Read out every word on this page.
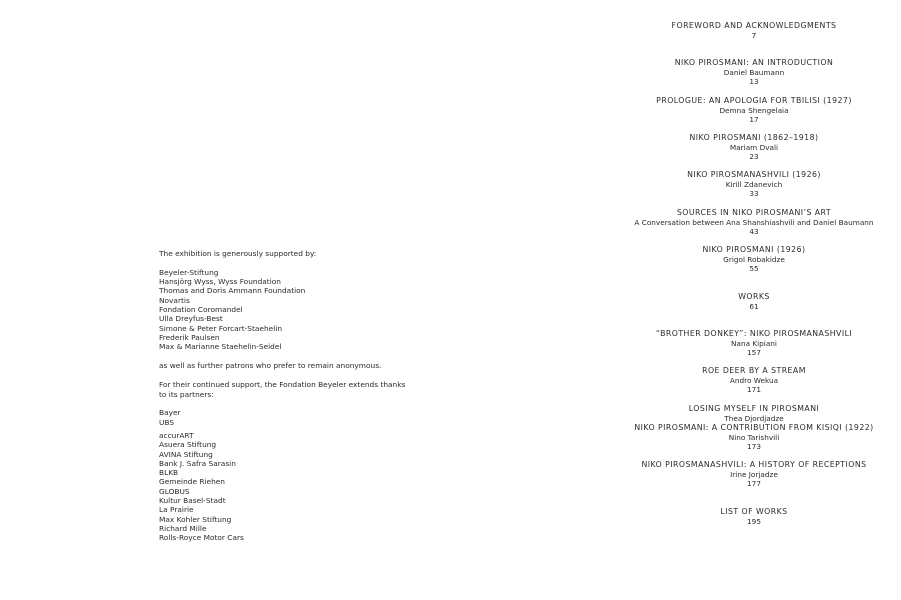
The exhibition is generously supported by:
Beyeler-Stiftung
Hansjörg Wyss, Wyss Foundation
Thomas and Doris Ammann Foundation
Novartis
Fondation Coromandel
Ulla Dreyfus-Best
Simone & Peter Forcart-Staehelin
Frederik Paulsen
Max & Marianne Staehelin-Seidel
as well as further patrons who prefer to remain anonymous.
For their continued support, the Fondation Beyeler extends thanks
to its partners:
Bayer
UBS
accurART
Asuera Stiftung
AVINA Stiftung
Bank J. Safra Sarasin
BLKB
Gemeinde Riehen
GLOBUS
Kultur Basel-Stadt
La Prairie
Max Kohler Stiftung
Richard Mille
Rolls-Royce Motor Cars
FOREWORD AND ACKNOWLEDGMENTS
7
NIKO PIROSMANI: AN INTRODUCTION
Daniel Baumann
13
PROLOGUE: AN APOLOGIA FOR TBILISI (1927)
Demna Shengelaia
17
NIKO PIROSMANI (1862–1918)
Mariam Dvali
23
NIKO PIROSMANASHVILI (1926)
Kirill Zdanevich
33
SOURCES IN NIKO PIROSMANI’S ART
A Conversation between Ana Shanshiashvili and Daniel Baumann
43
NIKO PIROSMANI (1926)
Grigol Robakidze
55
WORKS
61
“BROTHER DONKEY”: NIKO PIROSMANASHVILI
Nana Kipiani
157
ROE DEER BY A STREAM
Andro Wekua
171
LOSING MYSELF IN PIROSMANI
Thea Djordjadze
NIKO PIROSMANI: A CONTRIBUTION FROM KISIQI (1922)
Nino Tarishvili
173
NIKO PIROSMANASHVILI: A HISTORY OF RECEPTIONS
Irine Jorjadze
177
LIST OF WORKS
195
